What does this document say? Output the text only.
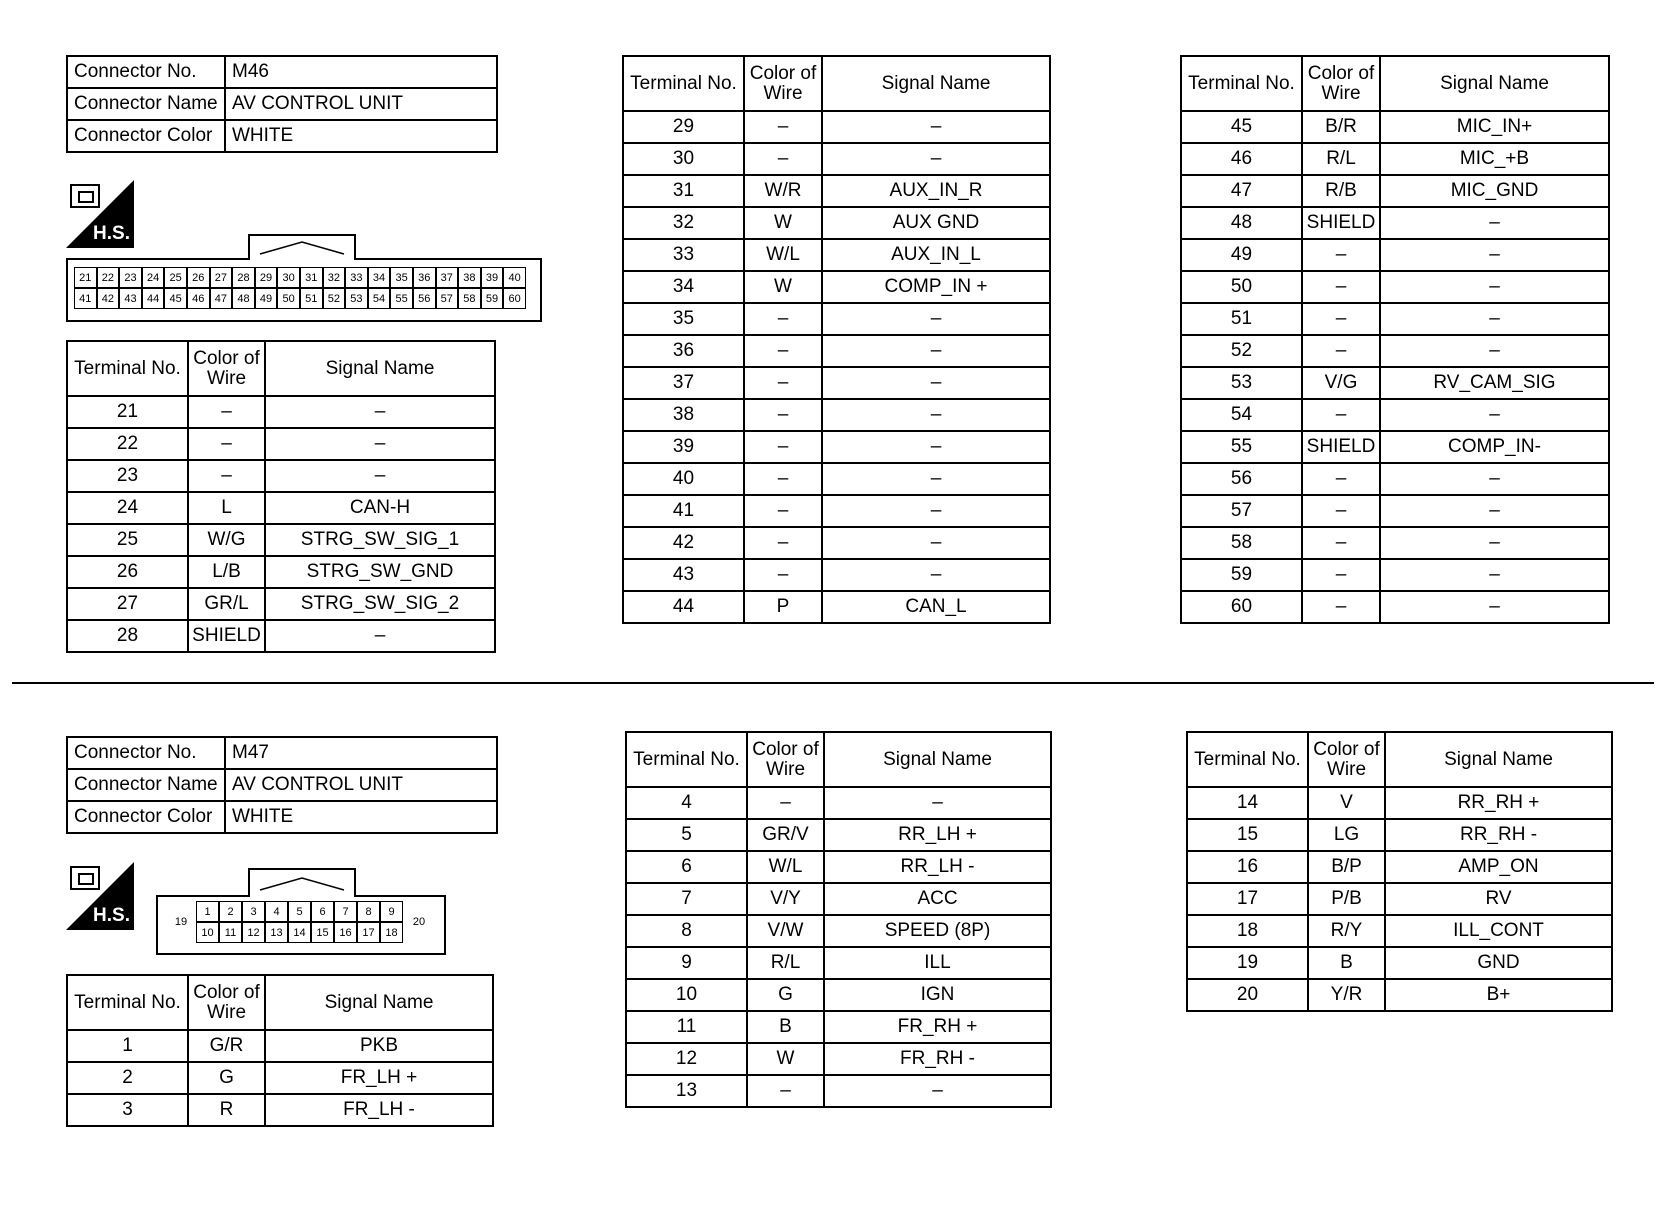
Connector No.	M46
Connector Name	AV CONTROL UNIT
Connector Color	WHITE
H.S.
21 22 23 24 25 26 27 28 29 30 31 32 33 34 35 36 37 38 39 40
41 42 43 44 45 46 47 48 49 50 51 52 53 54 55 56 57 58 59 60
Terminal No.	Color of Wire	Signal Name
21	–	–
22	–	–
23	–	–
24	L	CAN-H
25	W/G	STRG_SW_SIG_1
26	L/B	STRG_SW_GND
27	GR/L	STRG_SW_SIG_2
28	SHIELD	–
Terminal No.	Color of Wire	Signal Name
29	–	–
30	–	–
31	W/R	AUX_IN_R
32	W	AUX GND
33	W/L	AUX_IN_L
34	W	COMP_IN +
35	–	–
36	–	–
37	–	–
38	–	–
39	–	–
40	–	–
41	–	–
42	–	–
43	–	–
44	P	CAN_L
Terminal No.	Color of Wire	Signal Name
45	B/R	MIC_IN+
46	R/L	MIC_+B
47	R/B	MIC_GND
48	SHIELD	–
49	–	–
50	–	–
51	–	–
52	–	–
53	V/G	RV_CAM_SIG
54	–	–
55	SHIELD	COMP_IN-
56	–	–
57	–	–
58	–	–
59	–	–
60	–	–
Connector No.	M47
Connector Name	AV CONTROL UNIT
Connector Color	WHITE
H.S.	1	2	3	4	5	6	7	8	9
10	11	12 13 14 15 16 17 18
19	20
Terminal No.	Color of Wire	Signal Name
1	G/R	PKB
2	G	FR_LH +
3	R	FR_LH -
Terminal No.	Color of Wire	Signal Name
4	–	–
5	GR/V	RR_LH +
6	W/L	RR_LH -
7	V/Y	ACC
8	V/W	SPEED (8P)
9	R/L	ILL
10	G	IGN
11	B	FR_RH +
12	W	FR_RH -
13	–	–
Terminal No.	Color of Wire	Signal Name
14	V	RR_RH +
15	LG	RR_RH -
16	B/P	AMP_ON
17	P/B	RV
18	R/Y	ILL_CONT
19	B	GND
20	Y/R	B+
